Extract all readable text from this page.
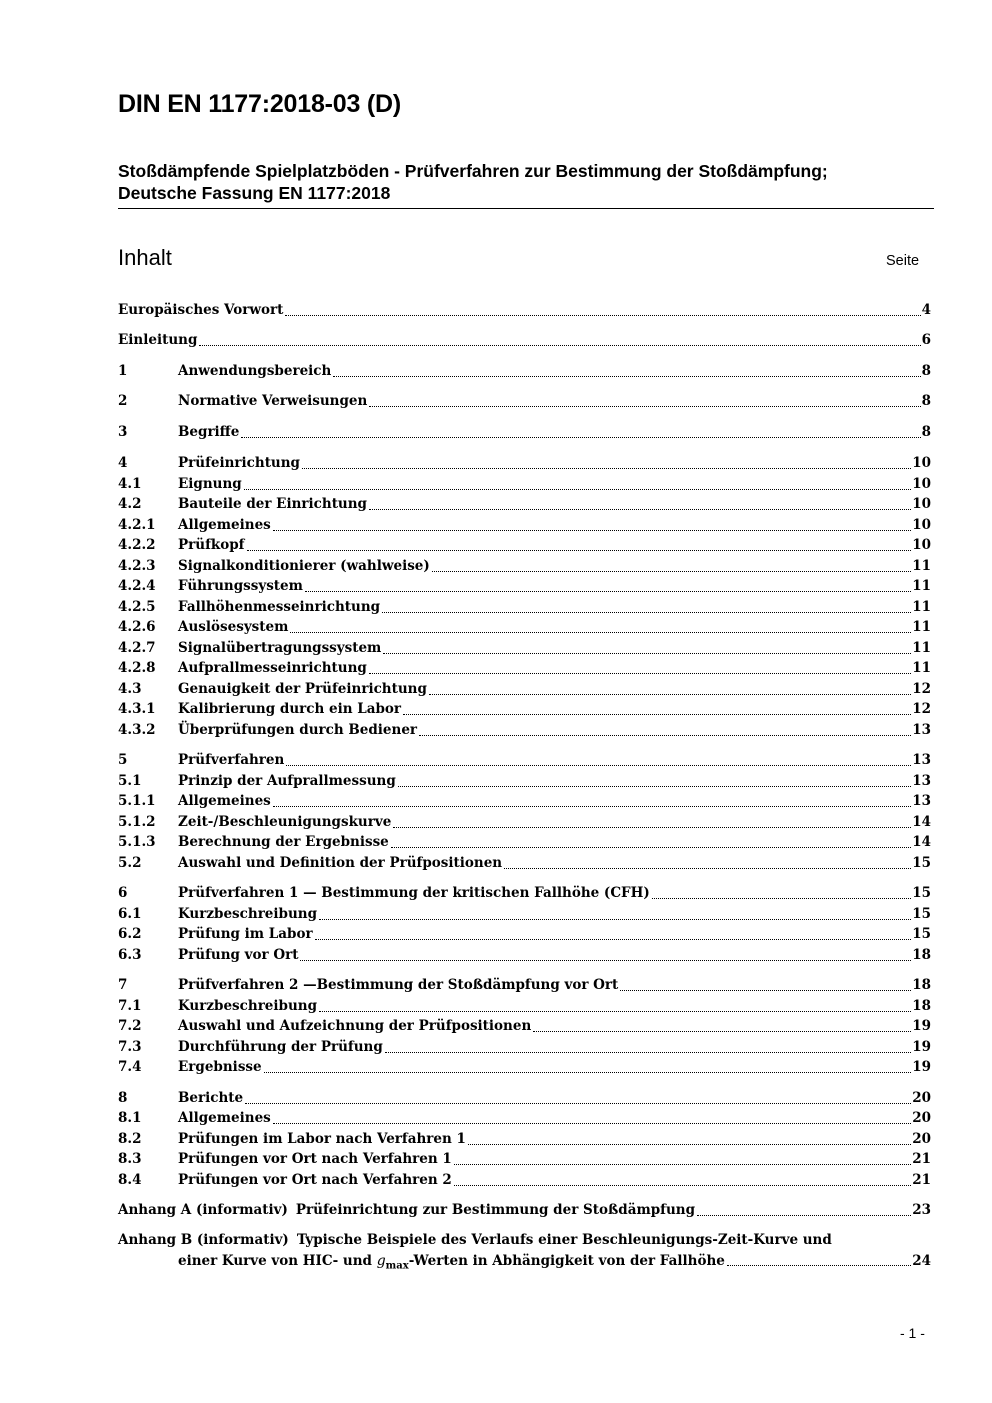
DIN EN 1177:2018-03 (D)
Stoßdämpfende Spielplatzböden - Prüfverfahren zur Bestimmung der Stoßdämpfung;
Deutsche Fassung EN 1177:2018
Inhalt	Seite
Europäisches Vorwort	4
Einleitung	6
1	Anwendungsbereich	8
2	Normative Verweisungen	8
3	Begriffe	8
4	Prüfeinrichtung	10
4.1	Eignung	10
4.2	Bauteile der Einrichtung	10
4.2.1	Allgemeines	10
4.2.2	Prüfkopf	10
4.2.3	Signalkonditionierer (wahlweise)	11
4.2.4	Führungssystem	11
4.2.5	Fallhöhenmesseinrichtung	11
4.2.6	Auslösesystem	11
4.2.7	Signalübertragungssystem	11
4.2.8	Aufprallmesseinrichtung	11
4.3	Genauigkeit der Prüfeinrichtung	12
4.3.1	Kalibrierung durch ein Labor	12
4.3.2	Überprüfungen durch Bediener	13
5	Prüfverfahren	13
5.1	Prinzip der Aufprallmessung	13
5.1.1	Allgemeines	13
5.1.2	Zeit-/Beschleunigungskurve	14
5.1.3	Berechnung der Ergebnisse	14
5.2	Auswahl und Definition der Prüfpositionen	15
6	Prüfverfahren 1 — Bestimmung der kritischen Fallhöhe (CFH)	15
6.1	Kurzbeschreibung	15
6.2	Prüfung im Labor	15
6.3	Prüfung vor Ort	18
7	Prüfverfahren 2 —Bestimmung der Stoßdämpfung vor Ort	18
7.1	Kurzbeschreibung	18
7.2	Auswahl und Aufzeichnung der Prüfpositionen	19
7.3	Durchführung der Prüfung	19
7.4	Ergebnisse	19
8	Berichte	20
8.1	Allgemeines	20
8.2	Prüfungen im Labor nach Verfahren 1	20
8.3	Prüfungen vor Ort nach Verfahren 1	21
8.4	Prüfungen vor Ort nach Verfahren 2	21
Anhang A (informativ) Prüfeinrichtung zur Bestimmung der Stoßdämpfung	23
Anhang B (informativ) Typische Beispiele des Verlaufs einer Beschleunigungs-Zeit-Kurve und
einer Kurve von HIC- und $g_{max}$-Werten in Abhängigkeit von der Fallhöhe	24
- 1 -
